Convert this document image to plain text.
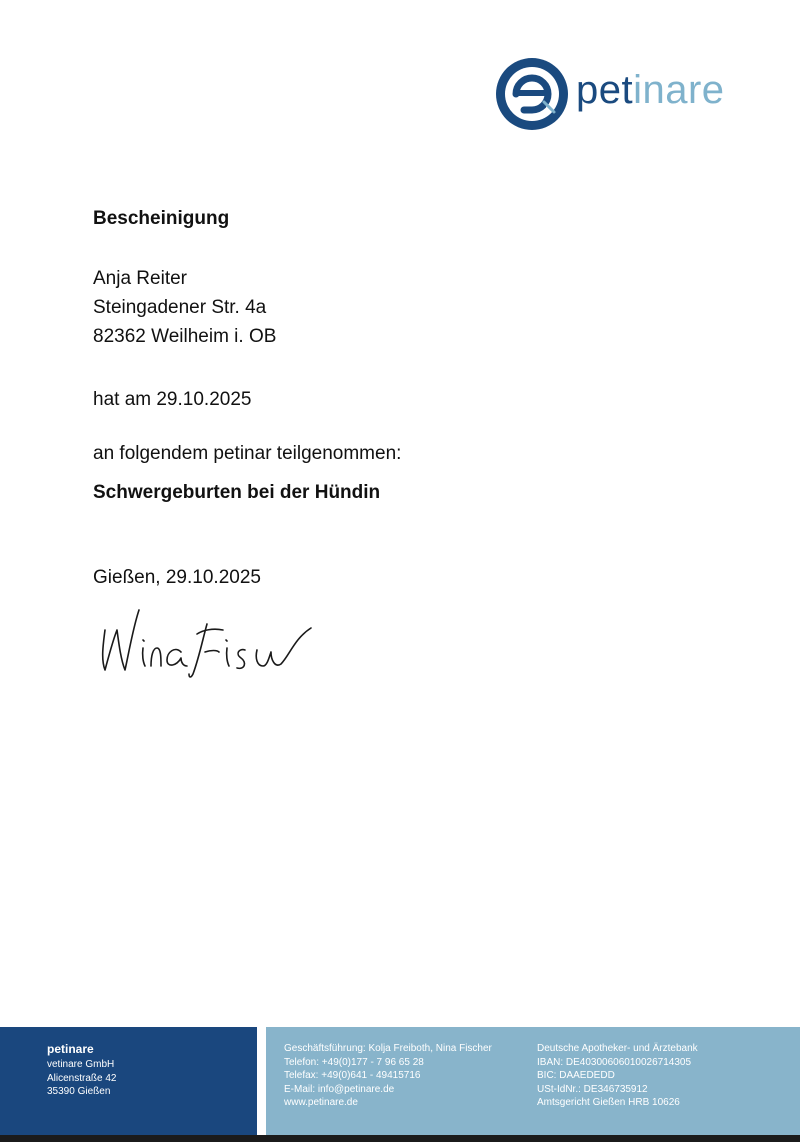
petinare
Bescheinigung
Anja Reiter
Steingadener Str. 4a
82362 Weilheim i. OB
hat am 29.10.2025
an folgendem petinar teilgenommen:
Schwergeburten bei der Hündin
Gießen, 29.10.2025
petinare
vetinare GmbH
Alicenstraße 42
35390 Gießen
Geschäftsführung: Kolja Freiboth, Nina Fischer
Telefon: +49(0)177 - 7 96 65 28
Telefax: +49(0)641 - 49415716
E-Mail: info@petinare.de
www.petinare.de
Deutsche Apotheker- und Ärztebank
IBAN: DE40300606010026714305
BIC: DAAEDEDD
USt-IdNr.: DE346735912
Amtsgericht Gießen HRB 10626
